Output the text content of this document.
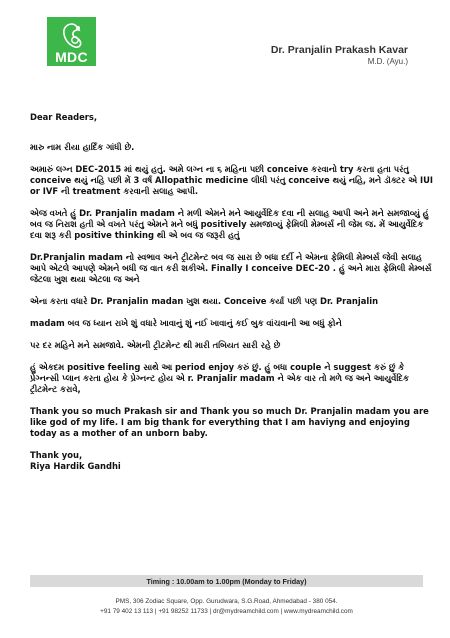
MDC	Dr. Pranjalin Prakash Kavar
M.D. (Ayu.)

Dear Readers,

મારુ નામ રીયા હાર્દિક ગાંધી છે.

અમારું લગ્ન DEC-2015 માં થયું હતું. અમે લગ્ન ના ૬ મહિના પછી conceive કરવાનો try કરતા હતા પરંતુ conceive થયું નહિ પછી મેં 3 વર્ષ Allopathic medicine લીધી પરંતુ conceive થયું નહિ, મને ડૉક્ટર એ IUI or IVF ની treatment કરવાની સલાહ આપી.

એજ વખતે હું Dr. Pranjalin madam ને મળી એમને મને આયુર્વેદિક દવા ની સલાહ આપી અને મને સમજાવ્યું હું બવ જ નિરાશ હતી એ વખતે પરંતુ એમને મને બધું positively સમજાવ્યું ફેમિલી મેમ્બર્સ ની જેમ જ. મેં આયુર્વેદિક દવા શરૂ કરી positive thinking થી એ બવ જ જરૂરી હતું

Dr.Pranjalin madam નો સ્વભાવ અને ટ્રીટમેન્ટ બવ જ સારા છે બધા દર્દી ને એમના ફેમિલી મેમ્બર્સ જેવી સલાહ આપે એટલે આપણે એમને બધી જ વાત કરી શકીએ. Finally I conceive DEC-20 . હું અને મારા ફેમિલી મેમ્બર્સ જેટલા ખુશ થયા એટલા જ અને

એના કરતા વધારે Dr. Pranjalin madan ખુશ થયા. Conceive કર્યા પછી પણ Dr. Pranjalin

madam બવ જ ધ્યાન રાખે શું વધારે ખાવાનું શું નઈ ખાવાનું કઈ બુક વાંચવાની આ બધું ફોને

પર દર મહિને મને સમજાવે. એમની ટ્રીટમેન્ટ થી મારી તબિયત સારી રહે છે

હું એકદમ positive feeling સાથે આ period enjoy કરું છું. હું બધા couple ને suggest કરું છું કે પ્રેગ્નન્સી પ્લાન કરતા હોય કે પ્રેગ્નન્ટ હોય એ r. Pranjalir madam ને એક વાર તો મળે જ અને આયુર્વેદિક ટ્રીટમેન્ટ કરાવે,

Thank you so much Prakash sir and Thank you so much Dr. Pranjalin madam you are like god of my life. I am big thank for everything that I am haviyng and enjoying today as a mother of an unborn baby.

Thank you,

Riya Hardik Gandhi

Timing : 10.00am to 1.00pm (Monday to Friday)
PMS, 306 Zodiac Square, Opp. Gurudwara, S.G.Road, Ahmedabad - 380 054.
+91 79 402 13 113 | +91 98252 11733 | dr@mydreamchild.com | www.mydreamchild.com
